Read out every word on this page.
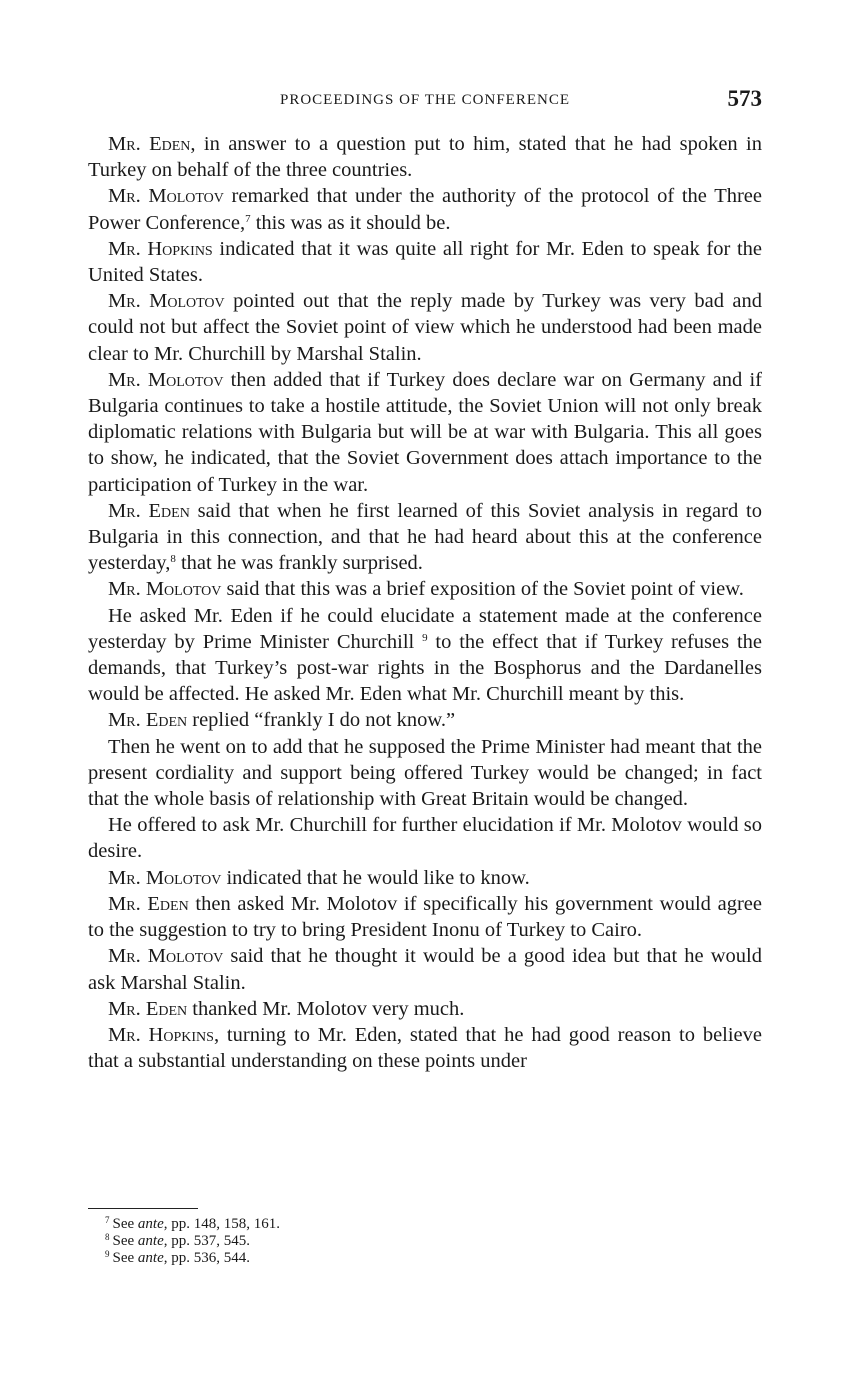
PROCEEDINGS OF THE CONFERENCE	573

Mr. Eden, in answer to a question put to him, stated that he had spoken in Turkey on behalf of the three countries.

Mr. Molotov remarked that under the authority of the protocol of the Three Power Conference,$^7$ this was as it should be.

Mr. Hopkins indicated that it was quite all right for Mr. Eden to speak for the United States.

Mr. Molotov pointed out that the reply made by Turkey was very bad and could not but affect the Soviet point of view which he understood had been made clear to Mr. Churchill by Marshal Stalin.

Mr. Molotov then added that if Turkey does declare war on Germany and if Bulgaria continues to take a hostile attitude, the Soviet Union will not only break diplomatic relations with Bulgaria but will be at war with Bulgaria. This all goes to show, he indicated, that the Soviet Government does attach importance to the participation of Turkey in the war.

Mr. Eden said that when he first learned of this Soviet analysis in regard to Bulgaria in this connection, and that he had heard about this at the conference yesterday,$^8$ that he was frankly surprised.

Mr. Molotov said that this was a brief exposition of the Soviet point of view.

He asked Mr. Eden if he could elucidate a statement made at the conference yesterday by Prime Minister Churchill $^9$ to the effect that if Turkey refuses the demands, that Turkey’s post-war rights in the Bosphorus and the Dardanelles would be affected. He asked Mr. Eden what Mr. Churchill meant by this.

Mr. Eden replied “frankly I do not know.”

Then he went on to add that he supposed the Prime Minister had meant that the present cordiality and support being offered Turkey would be changed; in fact that the whole basis of relationship with Great Britain would be changed.

He offered to ask Mr. Churchill for further elucidation if Mr. Molotov would so desire.

Mr. Molotov indicated that he would like to know.

Mr. Eden then asked Mr. Molotov if specifically his government would agree to the suggestion to try to bring President Inonu of Turkey to Cairo.

Mr. Molotov said that he thought it would be a good idea but that he would ask Marshal Stalin.

Mr. Eden thanked Mr. Molotov very much.

Mr. Hopkins, turning to Mr. Eden, stated that he had good reason to believe that a substantial understanding on these points under

$^7$ See ante, pp. 148, 158, 161.

$^8$ See ante, pp. 537, 545.

$^9$ See ante, pp. 536, 544.
